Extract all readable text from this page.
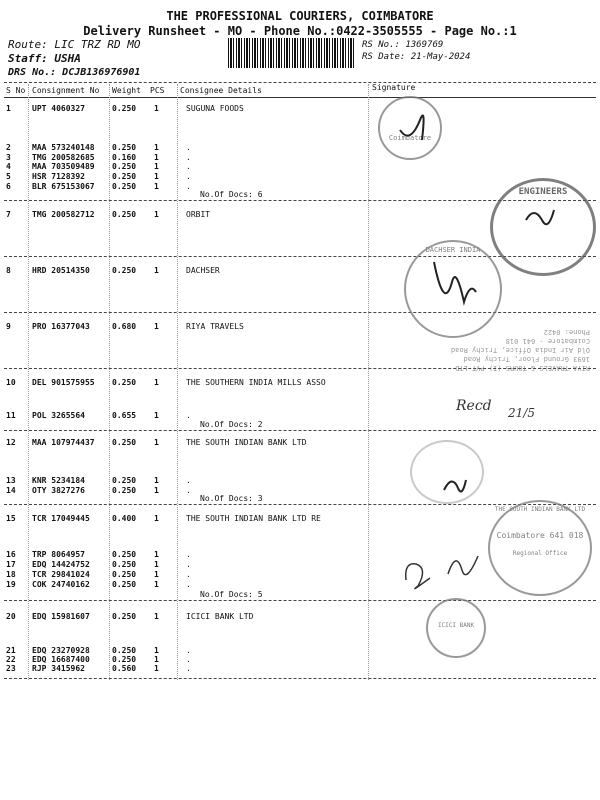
THE PROFESSIONAL COURIERS, COIMBATORE
Delivery Runsheet - MO - Phone No.:0422-3505555 - Page No.:1
Route: LIC TRZ RD MO
Staff: USHA
RS No.: 1369769
RS Date: 21-May-2024
DRS No.: DCJB136976901
S No Consignment No Weight PCS Consignee Details	Signature
1	UPT 4060327	0.250 1	SUGUNA FOODS
2	MAA 573240148 0.250 1	.
3	TMG 200582685 0.160 1	.
4	MAA 703509489 0.250 1	.
5	HSR 7128392	0.250 1	.
6	BLR 675153067 0.250 1	.
7	TMG 200582712 0.250 1	ORBIT
8	HRD 20514350	0.250 1	DACHSER
9	PRO 16377043	0.680 1	RIYA TRAVELS
10 DEL 901575955 0.250 1	THE SOUTHERN INDIA MILLS ASSO
11 POL 3265564	0.655 1	.
12 MAA 107974437 0.250 1	THE SOUTH INDIAN BANK LTD
13 KNR 5234184	0.250 1	.
14 OTY 3827276	0.250 1	.
15 TCR 17049445	0.400 1	THE SOUTH INDIAN BANK LTD RE
16 TRP 8064957	0.250 1	.
17 EDQ 14424752	0.250 1	.
18 TCR 29841024	0.250 1	.
19 COK 24740162	0.250 1	.
20 EDQ 15981607	0.250 1	ICICI BANK LTD
21 EDQ 23270928	0.250 1	.
22 EDQ 16687400	0.250 1	.
23 RJP 3415962	0.560 1	.
No.Of Docs: 6
No.Of Docs: 2
No.Of Docs: 3
No.Of Docs: 5
Coimbatore
ENGINEERS
DACHSER INDIA
RIYA TRAVELS & TOURS (I) PVT LTD
1693 Ground Floor, Trichy Road
Old Air India Office, Trichy Road
Coimbatore - 641 018
Phone: 0422
Recd 21/5
THE SOUTH INDIAN BANK LTD
Coimbatore 641 018
Regional Office
ICICI BANK
